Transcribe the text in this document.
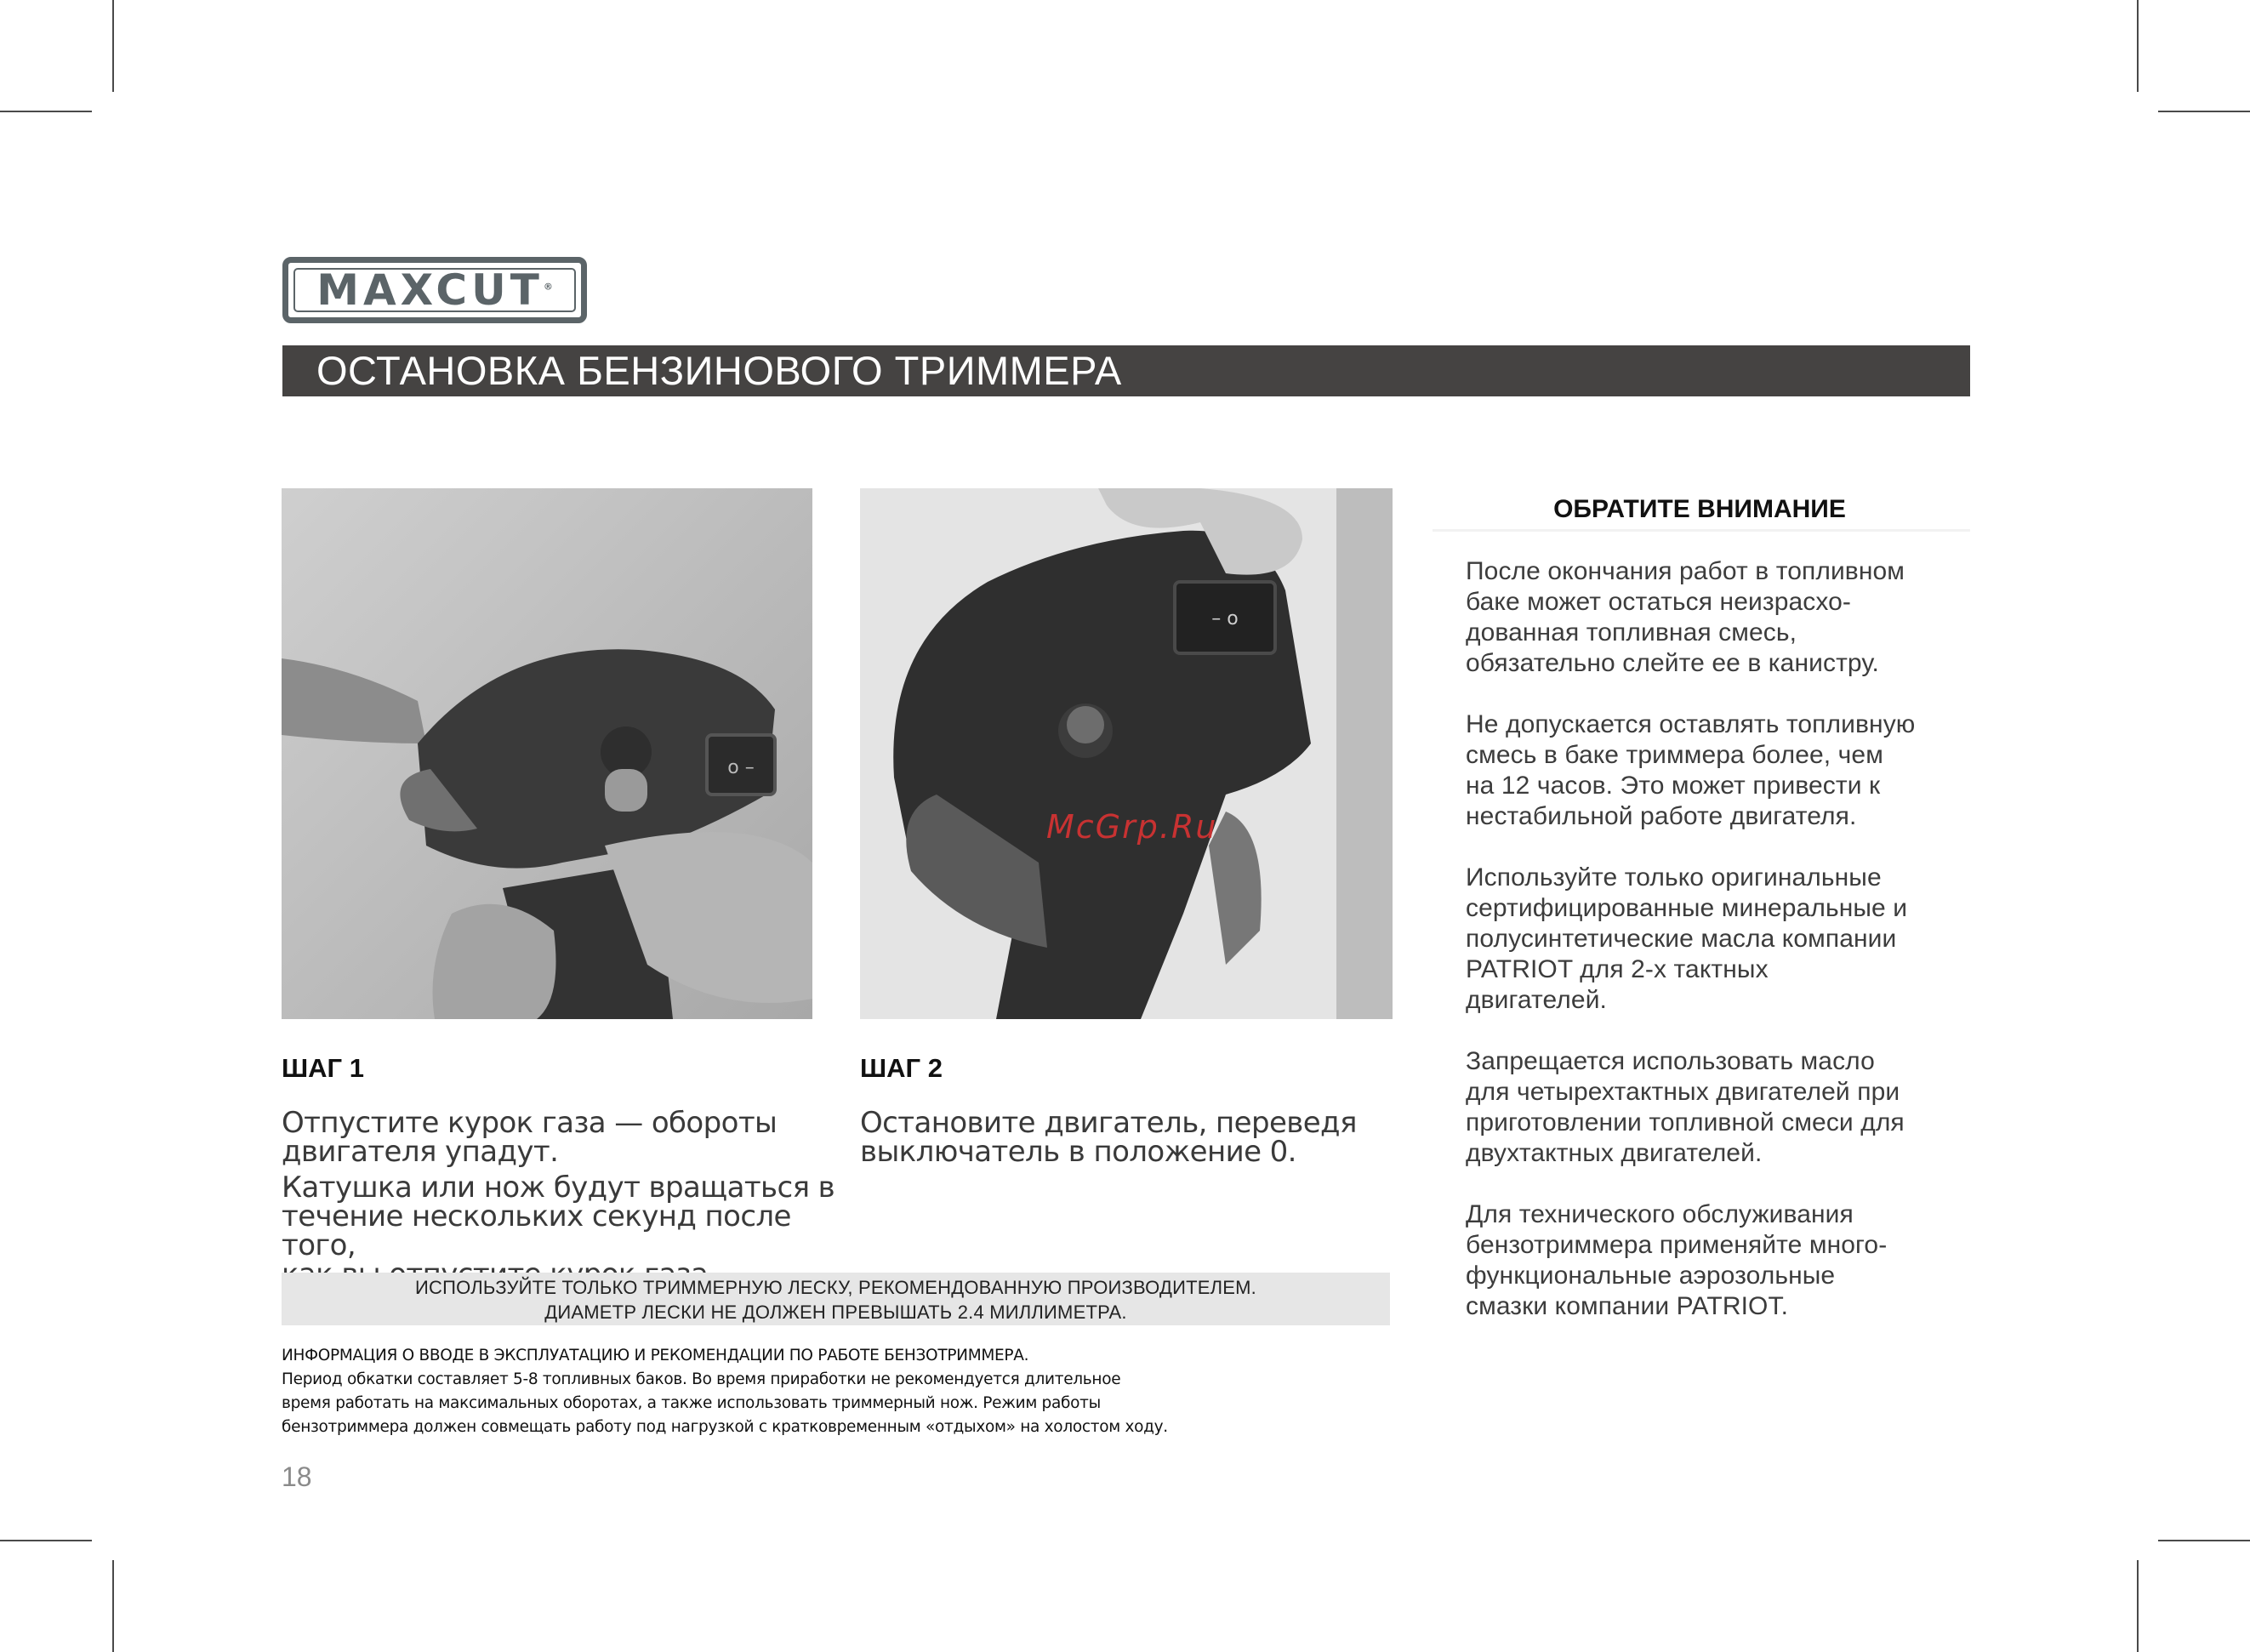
MAXCUT®
ОСТАНОВКА БЕНЗИНОВОГО ТРИММЕРА
o –
– o
McGrp.Ru
ШАГ 1

Отпустите курок газа — обороты
двигателя упадут.

Катушка или нож будут вращаться в
течение нескольких секунд после того,

ШАГ 2

Остановите двигатель, переведя
выключатель в положение 0.

ИСПОЛЬЗУЙТЕ ТОЛЬКО ТРИММЕРНУЮ ЛЕСКУ, РЕКОМЕНДОВАННУЮ ПРОИЗВОДИТЕЛЕМ.
ДИАМЕТР ЛЕСКИ НЕ ДОЛЖЕН ПРЕВЫШАТЬ 2.4 МИЛЛИМЕТРА.
ИНФОРМАЦИЯ О ВВОДЕ В ЭКСПЛУАТАЦИЮ И РЕКОМЕНДАЦИИ ПО РАБОТЕ БЕНЗОТРИММЕРА.
Период обкатки составляет 5-8 топливных баков. Во время приработки не рекомендуется длительное
время работать на максимальных оборотах, а также использовать триммерный нож. Режим работы
бензотриммера должен совмещать работу под нагрузкой с кратковременным «отдыхом» на холостом ходу.
18
ОБРАТИТЕ ВНИМАНИЕ

После окончания работ в топливном
баке может остаться неизрасхо-
дованная топливная смесь,
обязательно слейте ее в канистру.

Не допускается оставлять топливную
смесь в баке триммера более, чем
на 12 часов. Это может привести к
нестабильной работе двигателя.

Используйте только оригинальные
сертифицированные минеральные и
полусинтетические масла компании
PATRIOT для 2-х тактных
двигателей.

Запрещается использовать масло
для четырехтактных двигателей при
приготовлении топливной смеси для
двухтактных двигателей.

Для технического обслуживания
бензотриммера применяйте много-
функциональные аэрозольные
смазки компании PATRIOT.
